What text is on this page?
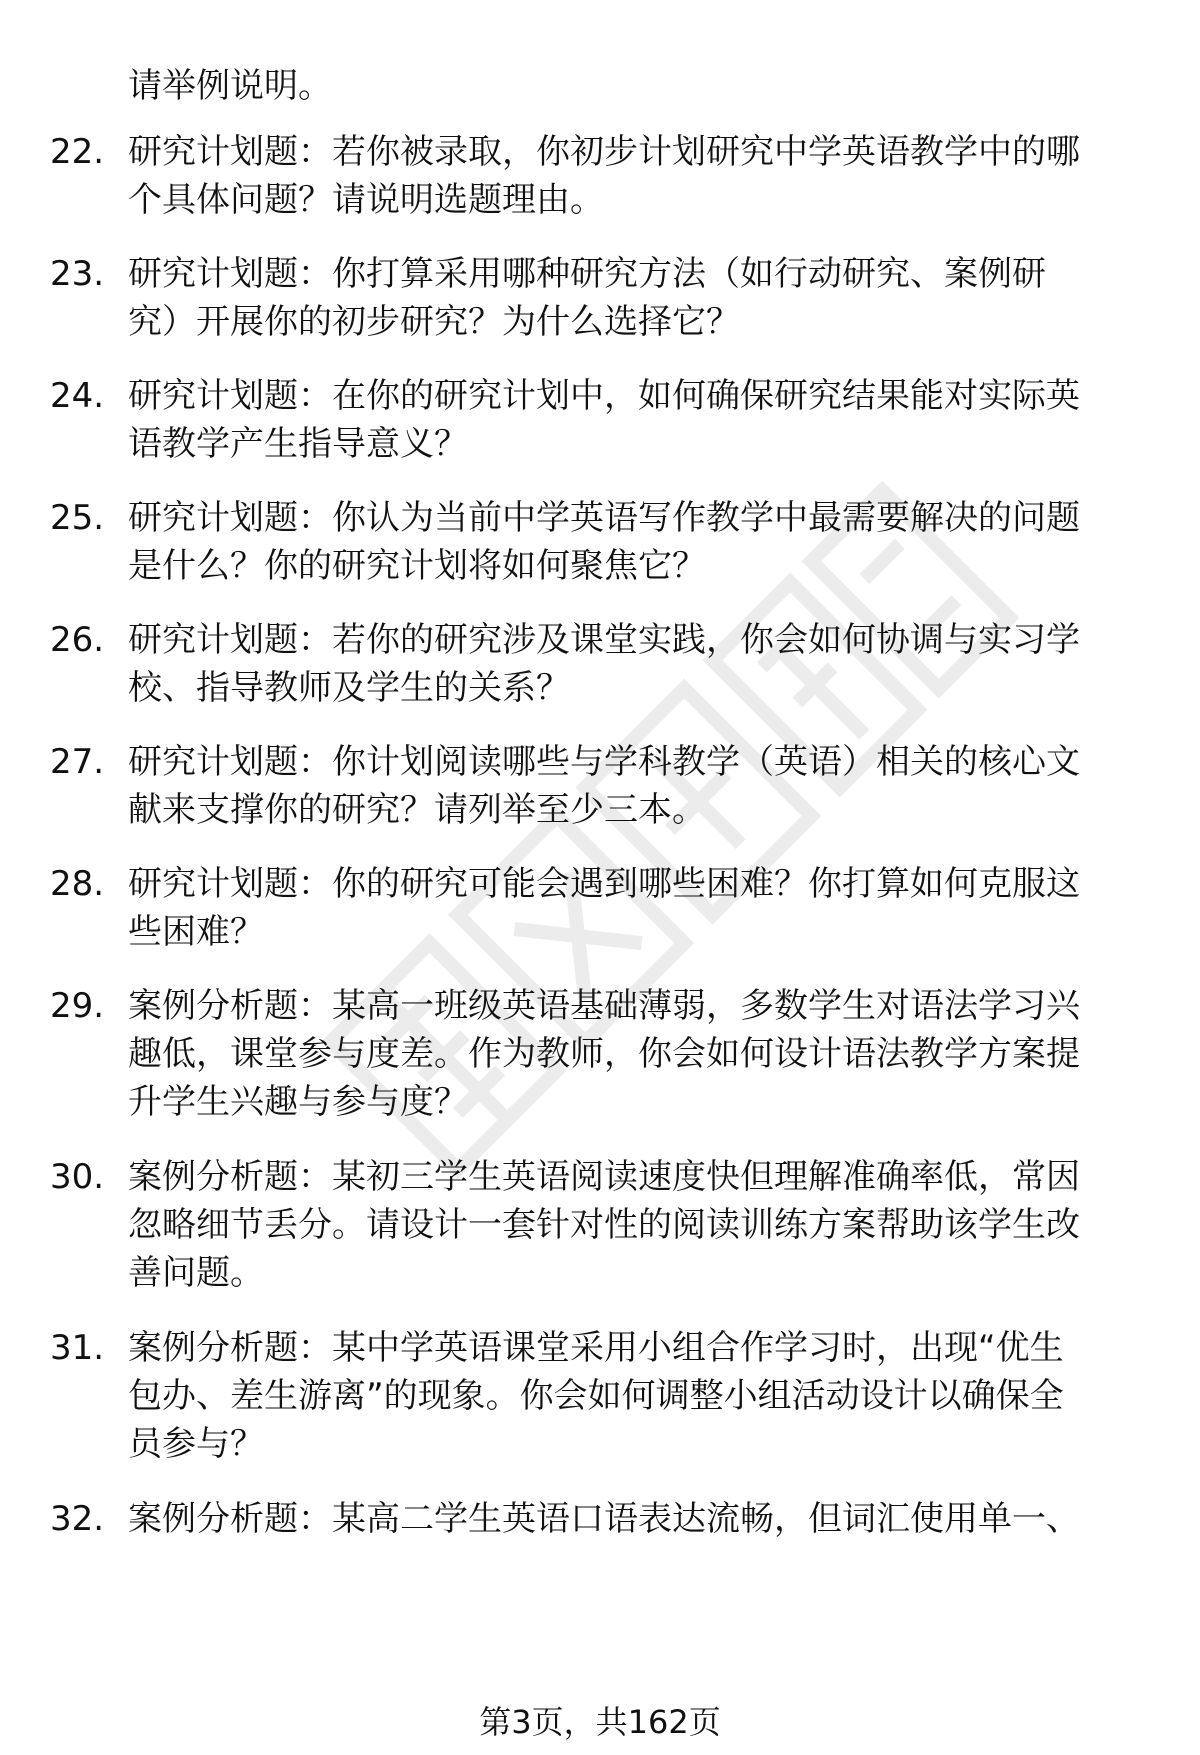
请举例说明。
22. 研究计划题：若你被录取，你初步计划研究中学英语教学中的哪
个具体问题？请说明选题理由。
23. 研究计划题：你打算采用哪种研究方法（如行动研究、案例研
究）开展你的初步研究？为什么选择它？
24. 研究计划题：在你的研究计划中，如何确保研究结果能对实际英
语教学产生指导意义？
25. 研究计划题：你认为当前中学英语写作教学中最需要解决的问题
是什么？你的研究计划将如何聚焦它？
26. 研究计划题：若你的研究涉及课堂实践，你会如何协调与实习学
校、指导教师及学生的关系？
27. 研究计划题：你计划阅读哪些与学科教学（英语）相关的核心文
献来支撑你的研究？请列举至少三本。
28. 研究计划题：你的研究可能会遇到哪些困难？你打算如何克服这
些困难？
29. 案例分析题：某高一班级英语基础薄弱，多数学生对语法学习兴
趣低，课堂参与度差。作为教师，你会如何设计语法教学方案提
升学生兴趣与参与度？
30. 案例分析题：某初三学生英语阅读速度快但理解准确率低，常因
忽略细节丢分。请设计一套针对性的阅读训练方案帮助该学生改
善问题。
31. 案例分析题：某中学英语课堂采用小组合作学习时，出现“优生
包办、差生游离”的现象。你会如何调整小组活动设计以确保全
员参与？
32. 案例分析题：某高二学生英语口语表达流畅，但词汇使用单一、
第3页，共162页
